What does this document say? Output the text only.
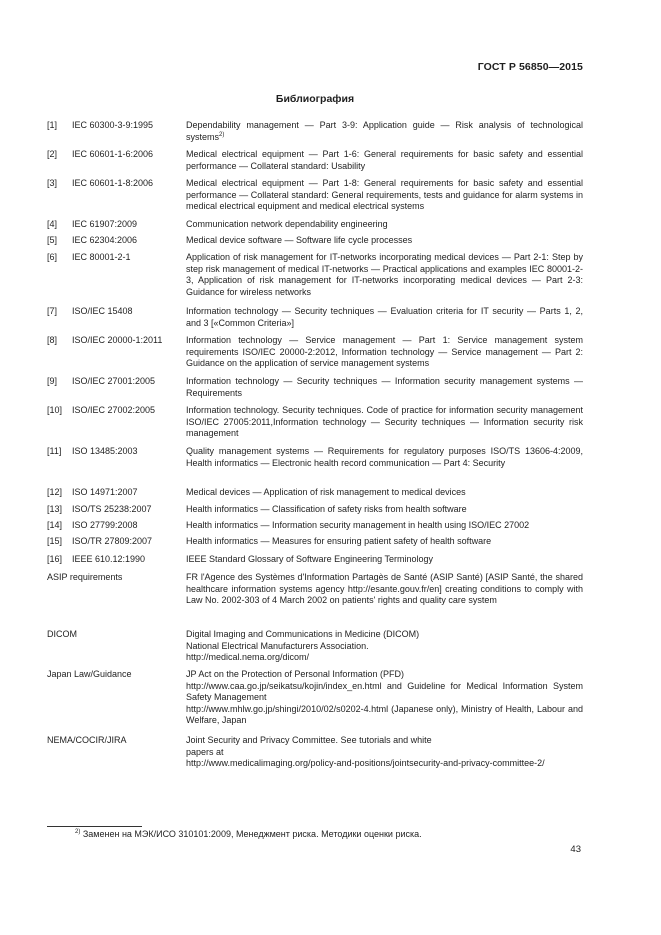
ГОСТ Р 56850—2015
Библиография
[1] IEC 60300-3-9:1995	Dependability management — Part 3-9: Application guide — Risk analysis of technological systems$^{2)}$
[2] IEC 60601-1-6:2006	Medical electrical equipment — Part 1-6: General requirements for basic safety and essential performance — Collateral standard: Usability
[3] IEC 60601-1-8:2006	Medical electrical equipment — Part 1-8: General requirements for basic safety and essential performance — Collateral standard: General requirements, tests and guidance for alarm systems in medical electrical equipment and medical electrical systems
[4] IEC 61907:2009	Communication network dependability engineering
[5] IEC 62304:2006	Medical device software — Software life cycle processes
[6] IEC 80001-2-1	Application of risk management for IT-networks incorporating medical devices — Part 2-1: Step by step risk management of medical IT-networks — Practical applications and examples IEC 80001-2-3, Application of risk management for IT-networks incorporating medical devices — Part 2-3: Guidance for wireless networks
[7] ISO/IEC 15408	Information technology — Security techniques — Evaluation criteria for IT security — Parts 1, 2, and 3 [«Common Criteria»]
[8] ISO/IEC 20000-1:2011	Information technology — Service management — Part 1: Service management system requirements ISO/IEC 20000-2:2012, Information technology — Service management — Part 2: Guidance on the application of service management systems
[9] ISO/IEC 27001:2005	Information technology — Security techniques — Information security management systems — Requirements
[10] ISO/IEC 27002:2005	Information technology. Security techniques. Code of practice for information security management ISO/IEC 27005:2011,Information technology — Security techniques — Information security risk management
[11] ISO 13485:2003	Quality management systems — Requirements for regulatory purposes ISO/TS 13606-4:2009, Health informatics — Electronic health record communication — Part 4: Security
[12] ISO 14971:2007	Medical devices — Application of risk management to medical devices
[13] ISO/TS 25238:2007	Health informatics — Classification of safety risks from health software
[14] ISO 27799:2008	Health informatics — Information security management in health using ISO/IEC 27002
[15] ISO/TR 27809:2007	Health informatics — Measures for ensuring patient safety of health software
[16] IEEE 610.12:1990	IEEE Standard Glossary of Software Engineering Terminology
ASIP requirements	FR l'Agence des Systèmes d'Information Partagès de Santé (ASIP Santé) [ASIP Santé, the shared healthcare information systems agency http://esante.gouv.fr/en] creating conditions to comply with Law No. 2002-303 of 4 March 2002 on patients' rights and quality care system
DICOM	Digital Imaging and Communications in Medicine (DICOM)
National Electrical Manufacturers Association.
http://medical.nema.org/dicom/
Japan Law/Guidance	JP Act on the Protection of Personal Information (PFD)
http://www.caa.go.jp/seikatsu/kojin/index_en.html and Guideline for Medical Information System Safety Management
http://www.mhlw.go.jp/shingi/2010/02/s0202-4.html (Japanese only), Ministry of Health, Labour and Welfare, Japan
NEMA/COCIR/JIRA	Joint Security and Privacy Committee. See tutorials and white
papers at
http://www.medicalimaging.org/policy-and-positions/jointsecurity-and-privacy-committee-2/
$^{2)}$ Заменен на МЭК/ИСО 310101:2009, Менеджмент риска. Методики оценки риска.
43
